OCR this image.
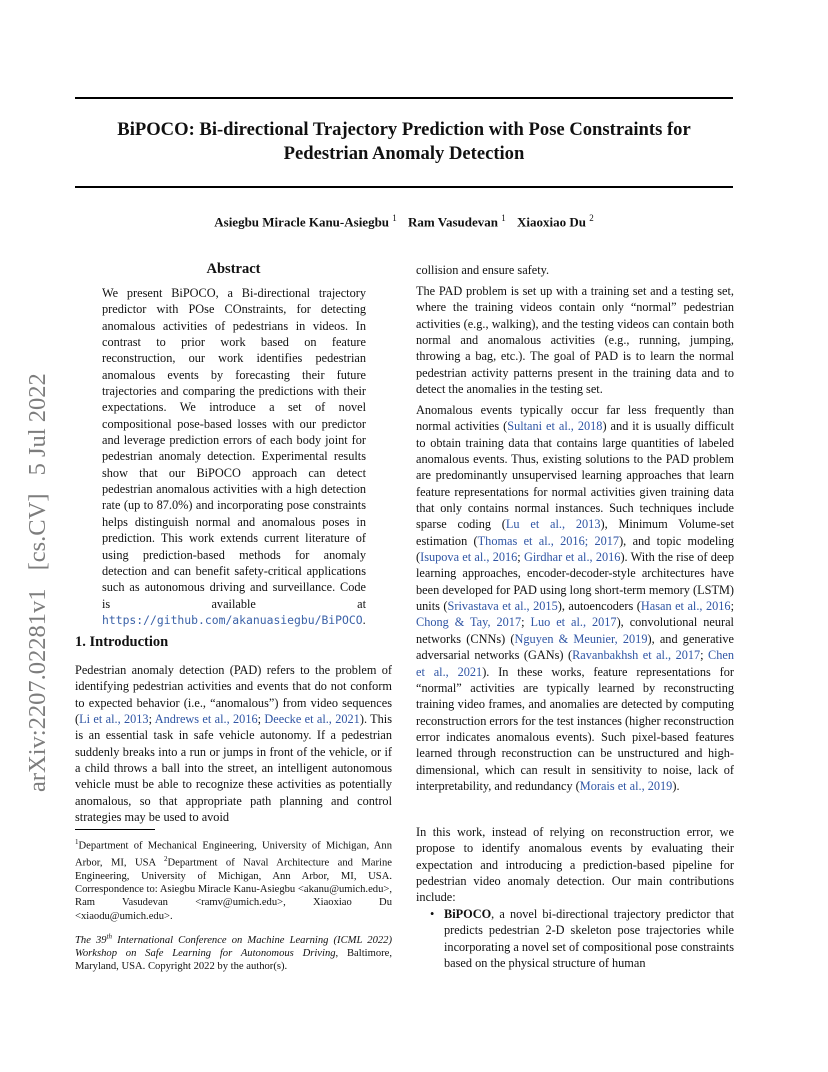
BiPOCO: Bi-directional Trajectory Prediction with Pose Constraints for
Pedestrian Anomaly Detection
Asiegbu Miracle Kanu-Asiegbu $^1$ Ram Vasudevan $^1$ Xiaoxiao Du $^2$
arXiv:2207.02281v1 [cs.CV] 5 Jul 2022
Abstract
We present BiPOCO, a Bi-directional trajectory predictor with POse COnstraints, for detecting anomalous activities of pedestrians in videos. In contrast to prior work based on feature reconstruction, our work identifies pedestrian anomalous events by forecasting their future trajectories and comparing the predictions with their expectations. We introduce a set of novel compositional pose-based losses with our predictor and leverage prediction errors of each body joint for pedestrian anomaly detection. Experimental results show that our BiPOCO approach can detect pedestrian anomalous activities with a high detection rate (up to 87.0%) and incorporating pose constraints helps distinguish normal and anomalous poses in prediction. This work extends current literature of using prediction-based methods for anomaly detection and can benefit safety-critical applications such as autonomous driving and surveillance. Code is available at https://github.com/akanuasiegbu/BiPOCO.
1. Introduction
Pedestrian anomaly detection (PAD) refers to the problem of identifying pedestrian activities and events that do not conform to expected behavior (i.e., “anomalous”) from video sequences (Li et al., 2013; Andrews et al., 2016; Deecke et al., 2021). This is an essential task in safe vehicle autonomy. If a pedestrian suddenly breaks into a run or jumps in front of the vehicle, or if a child throws a ball into the street, an intelligent autonomous vehicle must be able to recognize these activities as potentially anomalous, so that appropriate path planning and control strategies may be used to avoid
$^1$Department of Mechanical Engineering, University of Michigan, Ann Arbor, MI, USA $^2$Department of Naval Architecture and Marine Engineering, University of Michigan, Ann Arbor, MI, USA. Correspondence to: Asiegbu Miracle Kanu-Asiegbu <akanu@umich.edu>, Ram Vasudevan <ramv@umich.edu>, Xiaoxiao Du <xiaodu@umich.edu>.
The 39th International Conference on Machine Learning (ICML 2022) Workshop on Safe Learning for Autonomous Driving, Baltimore, Maryland, USA. Copyright 2022 by the author(s).

collision and ensure safety.

The PAD problem is set up with a training set and a testing set, where the training videos contain only “normal” pedestrian activities (e.g., walking), and the testing videos can contain both normal and anomalous activities (e.g., running, jumping, throwing a bag, etc.). The goal of PAD is to learn the normal pedestrian activity patterns present in the training data and to detect the anomalies in the testing set.

Anomalous events typically occur far less frequently than normal activities (Sultani et al., 2018) and it is usually difficult to obtain training data that contains large quantities of labeled anomalous events. Thus, existing solutions to the PAD problem are predominantly unsupervised learning approaches that learn feature representations for normal activities given training data that only contains normal instances. Such techniques include sparse coding (Lu et al., 2013), Minimum Volume-set estimation (Thomas et al., 2016; 2017), and topic modeling (Isupova et al., 2016; Girdhar et al., 2016). With the rise of deep learning approaches, encoder-decoder-style architectures have been developed for PAD using long short-term memory (LSTM) units (Srivastava et al., 2015), autoencoders (Hasan et al., 2016; Chong & Tay, 2017; Luo et al., 2017), convolutional neural networks (CNNs) (Nguyen & Meunier, 2019), and generative adversarial networks (GANs) (Ravanbakhsh et al., 2017; Chen et al., 2021). In these works, feature representations for “normal” activities are typically learned by reconstructing training video frames, and anomalies are detected by computing reconstruction errors for the test instances (higher reconstruction error indicates anomalous events). Such pixel-based features learned through reconstruction can be unstructured and high-dimensional, which can result in sensitivity to noise, lack of interpretability, and redundancy (Morais et al., 2019).

In this work, instead of relying on reconstruction error, we propose to identify anomalous events by evaluating their expectation and introducing a prediction-based pipeline for pedestrian video anomaly detection. Our main contributions include:

• BiPOCO, a novel bi-directional trajectory predictor that predicts pedestrian 2-D skeleton pose trajectories while incorporating a novel set of compositional pose constraints based on the physical structure of human
